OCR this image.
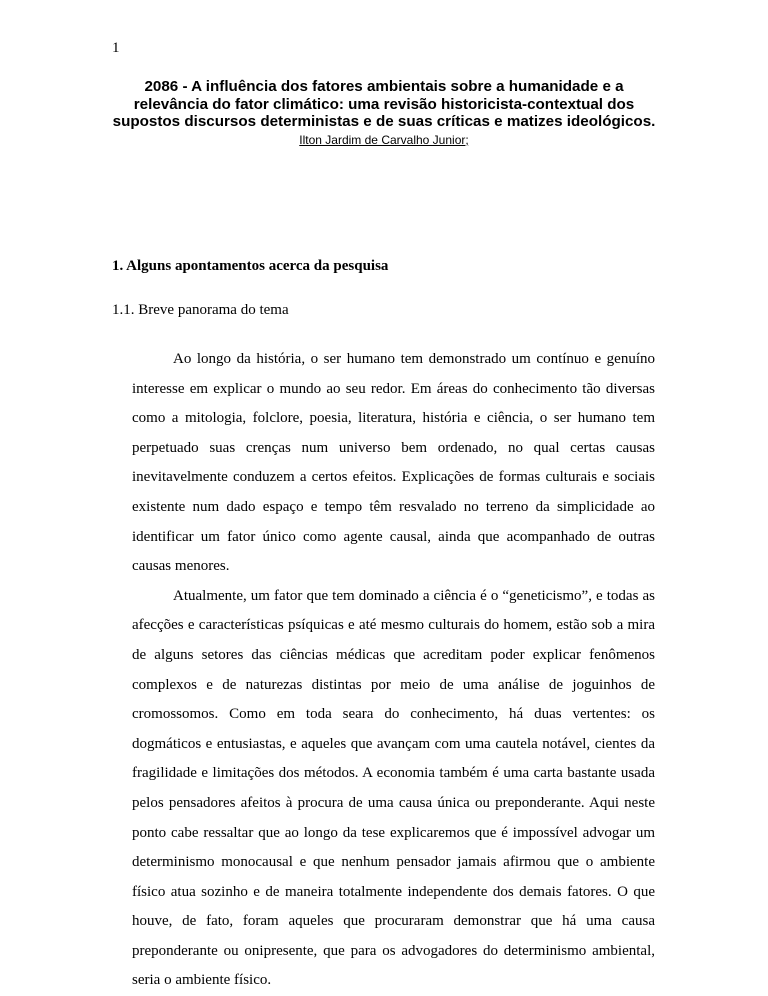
1
2086 - A influência dos fatores ambientais sobre a humanidade e a relevância do fator climático: uma revisão historicista-contextual dos supostos discursos deterministas e de suas críticas e matizes ideológicos.
Ilton Jardim de Carvalho Junior;
1. Alguns apontamentos acerca da pesquisa
1.1. Breve panorama do tema

Ao longo da história, o ser humano tem demonstrado um contínuo e genuíno interesse em explicar o mundo ao seu redor. Em áreas do conhecimento tão diversas como a mitologia, folclore, poesia, literatura, história e ciência, o ser humano tem perpetuado suas crenças num universo bem ordenado, no qual certas causas inevitavelmente conduzem a certos efeitos. Explicações de formas culturais e sociais existente num dado espaço e tempo têm resvalado no terreno da simplicidade ao identificar um fator único como agente causal, ainda que acompanhado de outras causas menores.

Atualmente, um fator que tem dominado a ciência é o “geneticismo”, e todas as afecções e características psíquicas e até mesmo culturais do homem, estão sob a mira de alguns setores das ciências médicas que acreditam poder explicar fenômenos complexos e de naturezas distintas por meio de uma análise de joguinhos de cromossomos. Como em toda seara do conhecimento, há duas vertentes: os dogmáticos e entusiastas, e aqueles que avançam com uma cautela notável, cientes da fragilidade e limitações dos métodos. A economia também é uma carta bastante usada pelos pensadores afeitos à procura de uma causa única ou preponderante. Aqui neste ponto cabe ressaltar que ao longo da tese explicaremos que é impossível advogar um determinismo monocausal e que nenhum pensador jamais afirmou que o ambiente físico atua sozinho e de maneira totalmente independente dos demais fatores. O que houve, de fato, foram aqueles que procuraram demonstrar que há uma causa preponderante ou onipresente, que para os advogadores do determinismo ambiental, seria o ambiente físico.
